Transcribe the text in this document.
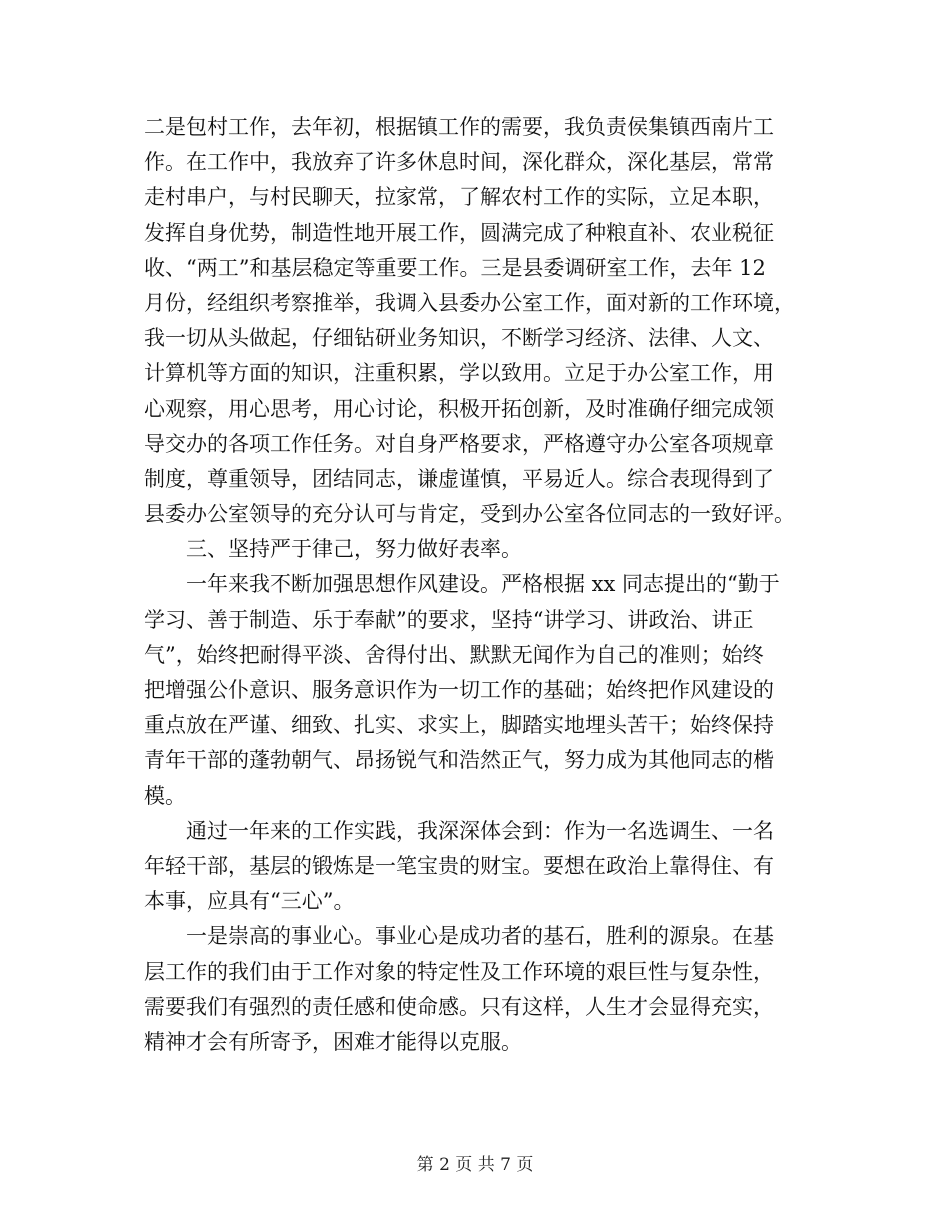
二是包村工作，去年初，根据镇工作的需要，我负责侯集镇西南片工
作。在工作中，我放弃了许多休息时间，深化群众，深化基层，常常
走村串户，与村民聊天，拉家常，了解农村工作的实际，立足本职，
发挥自身优势，制造性地开展工作，圆满完成了种粮直补、农业税征
收、“两工”和基层稳定等重要工作。三是县委调研室工作，去年 12
月份，经组织考察推举，我调入县委办公室工作，面对新的工作环境，
我一切从头做起，仔细钻研业务知识，不断学习经济、法律、人文、
计算机等方面的知识，注重积累，学以致用。立足于办公室工作，用
心观察，用心思考，用心讨论，积极开拓创新，及时准确仔细完成领
导交办的各项工作任务。对自身严格要求，严格遵守办公室各项规章
制度，尊重领导，团结同志，谦虚谨慎，平易近人。综合表现得到了
县委办公室领导的充分认可与肯定，受到办公室各位同志的一致好评。
三、坚持严于律己，努力做好表率。
一年来我不断加强思想作风建设。严格根据 xx 同志提出的“勤于
学习、善于制造、乐于奉献”的要求，坚持“讲学习、讲政治、讲正
气”，始终把耐得平淡、舍得付出、默默无闻作为自己的准则；始终
把增强公仆意识、服务意识作为一切工作的基础；始终把作风建设的
重点放在严谨、细致、扎实、求实上，脚踏实地埋头苦干；始终保持
青年干部的蓬勃朝气、昂扬锐气和浩然正气，努力成为其他同志的楷
模。
通过一年来的工作实践，我深深体会到：作为一名选调生、一名
年轻干部，基层的锻炼是一笔宝贵的财宝。要想在政治上靠得住、有
本事，应具有“三心”。
一是崇高的事业心。事业心是成功者的基石，胜利的源泉。在基
层工作的我们由于工作对象的特定性及工作环境的艰巨性与复杂性，
需要我们有强烈的责任感和使命感。只有这样，人生才会显得充实，
精神才会有所寄予，困难才能得以克服。
第 2 页 共 7 页
